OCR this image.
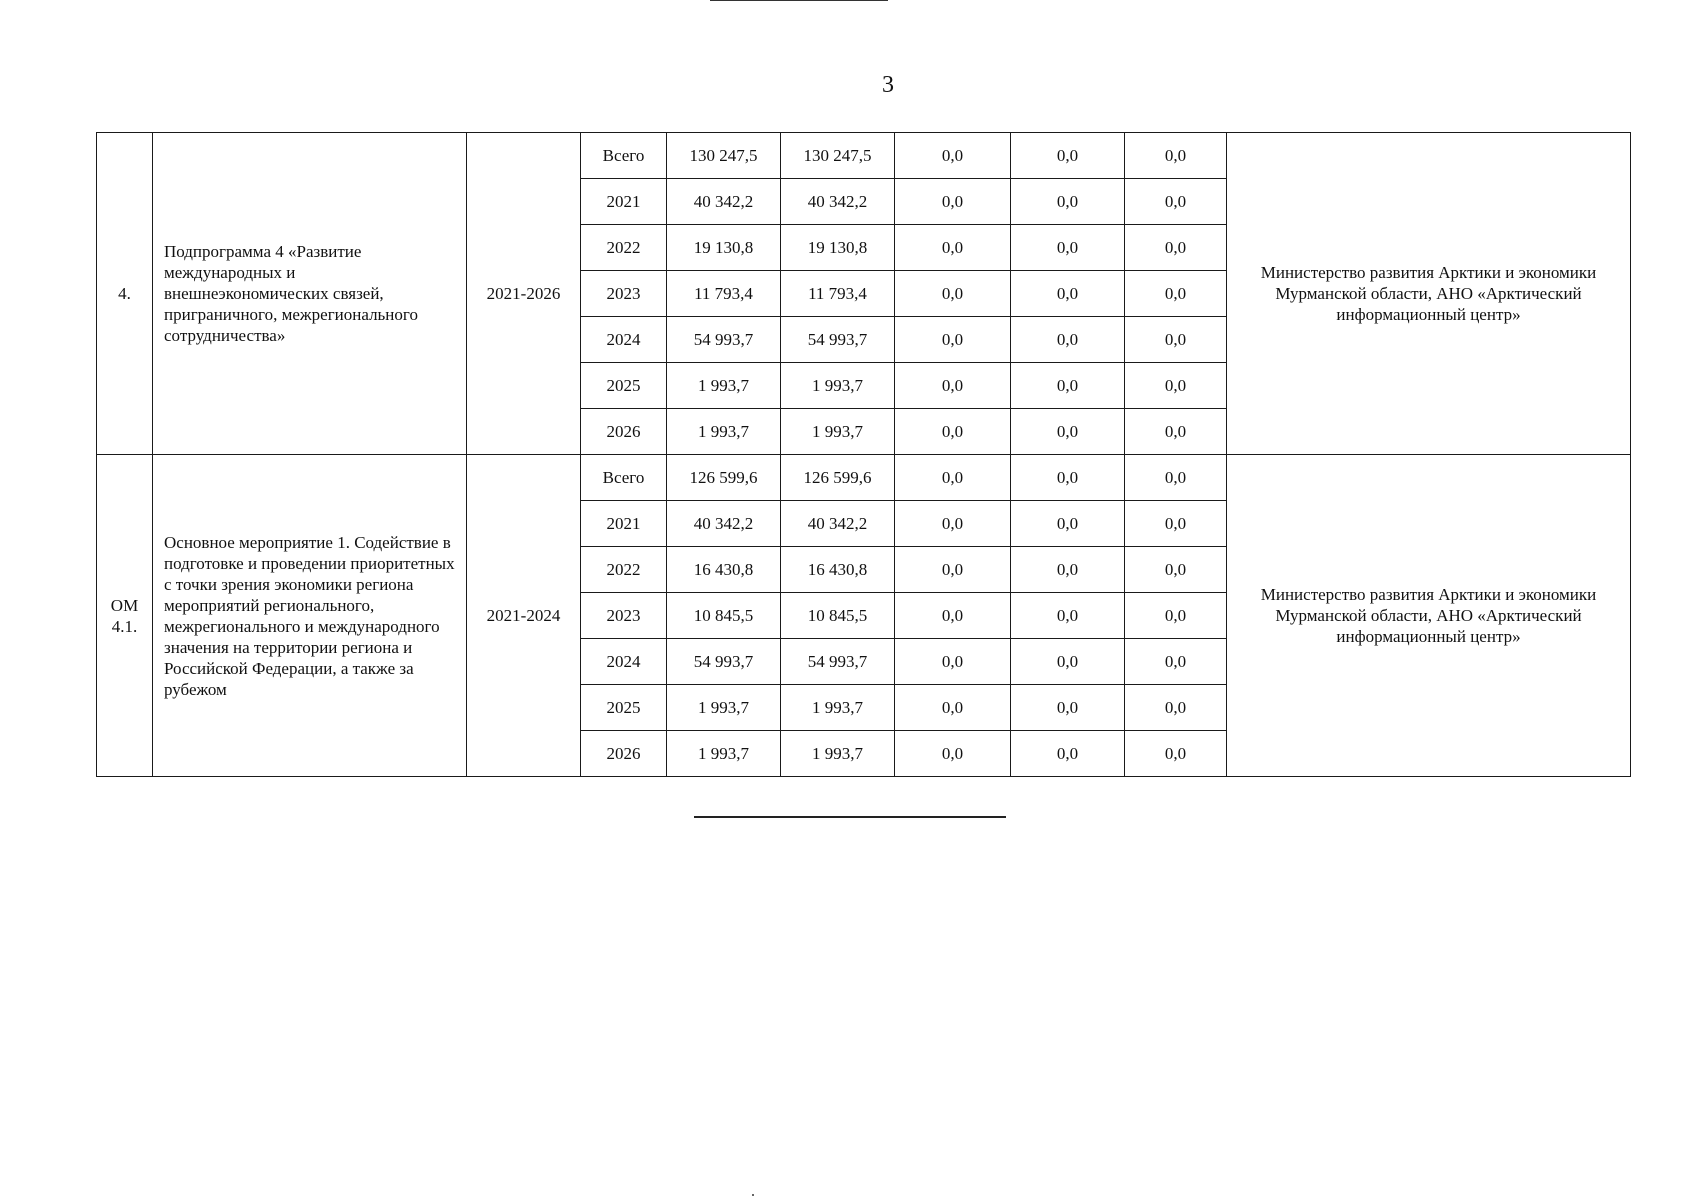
3
4.	Подпрограмма 4 «Развитие международных и внешнеэкономических связей, приграничного, межрегионального сотрудничества»	2021-2026	Всего	130 247,5	130 247,5	0,0	0,0	0,0	Министерство развития Арктики и экономики Мурманской области, АНО «Арктический информационный центр»
			2021	40 342,2	40 342,2	0,0	0,0	0,0	
			2022	19 130,8	19 130,8	0,0	0,0	0,0	
			2023	11 793,4	11 793,4	0,0	0,0	0,0	
			2024	54 993,7	54 993,7	0,0	0,0	0,0	
			2025	1 993,7	1 993,7	0,0	0,0	0,0	
			2026	1 993,7	1 993,7	0,0	0,0	0,0	
ОМ 4.1.	Основное мероприятие 1. Содействие в подготовке и проведении приоритетных с точки зрения экономики региона мероприятий регионального, межрегионального и международного значения на территории региона и Российской Федерации, а также за рубежом	2021-2024	Всего	126 599,6	126 599,6	0,0	0,0	0,0	Министерство развития Арктики и экономики Мурманской области, АНО «Арктический информационный центр»
			2021	40 342,2	40 342,2	0,0	0,0	0,0	
			2022	16 430,8	16 430,8	0,0	0,0	0,0	
			2023	10 845,5	10 845,5	0,0	0,0	0,0	
			2024	54 993,7	54 993,7	0,0	0,0	0,0	
			2025	1 993,7	1 993,7	0,0	0,0	0,0	
			2026	1 993,7	1 993,7	0,0	0,0	0,0	
